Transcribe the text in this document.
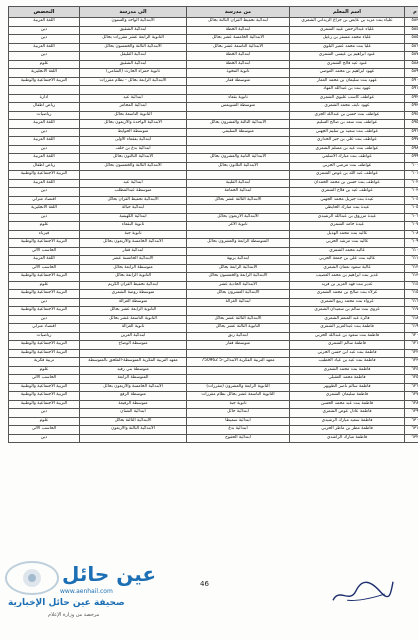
م	اسم المعلم	من مدرسة	الى مدرسة	التخصص
٥٨٣	علياء بنت مزيد بن عايض بن جزاع الزيداني الشمري	ابتدائية تحفيظ القران الثالثة بحائل	الابتدائية الواحد والستون	اللغة العربية
٥٨٤	علياء عبدالرحمن عبيد الشمري	ابتدائية الخطة	ابتدائية الشقيق	دين
٥٨٥	علياء محمد مسفر بن زعيل	الابتدائية الخامسة عشر بحائل	الثانوية الرابعة عشر مقررات بحائل	دين
٥٨٦	عليا بنت محمد عمير البلوي	الابتدائية التاسعة عشر بحائل	الابتدائية الثالثة والخمسون بحائل	اللغة العربية
٥٨٧	عنود ابراهيم بن عيسى الشمري	ابتدائية الخطة	ابتدائية القليقل	دين
٥٨٨	عنود عيد فالح الشمري	ابتدائية الخطة	ابتدائية الشقيق	علوم
٥٨٩	عهود ابراهيم بن محمد العوضي	ثانوية المخوة	ثانوية حمراء الحارث (الشامي)	اللغة الانجليزية
٥٩٠	عهود بنت سليمان بن محمد العمار	متوسطة قفار	الابتدائية الرابعة بحائل - نظام مقررات	التربية الاجتماعية والوطنية
٥٩١	عهود بنت بن عبدالله الفهاد			
٥٩٢	عواطف كاسب عليوي الشمري	ثانوية بقعاء	ابتدائية عيد	ادارة
٥٩٣	عهود نايف محمد الشمري	متوسطة الشويمس	ابتدائية المحامر	رياض اطفال
٥٩٤	عواطف بنت حسن بن عبدالله الجزي		الثانوية التاسعة بحائل	رياضيات
٥٩٥	عواطف بنت سعد بن صالح السليم	الابتدائية الثالثة والعشرون بحائل	الابتدائية الواحدة والأربعون بحائل	اللغة العربية
٥٩٦	عواطف بنت سعيد بن سليم الجهني	متوسطة السليمي	متوسطة الحوايط	دين
٥٩٧	عواطف بنت علي بن جبر الحداري		ابتدائية يفقعاء الأولى	اللغة العربية
٥٩٨	عواطف بنت عيد بن مسلم الشمري		ابتدائية بدع بن خلف	دين
٥٩٩	عواطف بنت مبارك الاسلمي	الابتدائية الثانية والعشرون بحائل	الابتدائية الثالثون بحائل	اللغة العربية
٦٠٠	عواطف بنت مرضي الحربي	الابتدائية الثلاثون بحائل	الابتدائية الثالثة والخمسون بحائل	رياض اطفال
٦٠١	عواطف عبد الله بن عوض الشمري			التربية الاجتماعية والوطنية
٦٠٢	عواطف بنت حسن بن محمد الحمدان	ابتدائية القليبة	ابتدائية عيد	اللغة العربية
٦٠٣	عواطف عيد بن فلاح الشمري	ابتدائية الحمامة	متوسطة عبدالمطلب	دين
٦٠٤	عيدة بنت جبريل محمد الجهني	الابتدائية الثالثة عشر بحائل	الابتدائية تحفيظ القرآن بحائل	اقتصاد منزلي
٦٠٥	عيدة بنت مبارك الحايظي		ابتدائية حبالة	اللغة الانجليزية
٦٠٦	عيدة مرزوق بن عبدالله الرشيدي	الابتدائية الاربعون بحائل	ابتدائية الكهيفية	دين
٦٠٧	عيدة حامد الشمري	ثانوية الأغر	ثانوية البقعاء	علوم
٦٠٨	غاليه بنت محمد الهذيل		ثانوية جبة	فيزياء
٦٠٩	غاليه بنت مرشد الحربي	المتوسطة الرابعة والعشرون بحائل	الابتدائية الخامسة والاربعون بحائل	التربية الاجتماعية والوطنية
٦١٠	غاليه محمد الشمري		ابتدائية قفار	الحاسب الآلي
٦١١	غاليه بنت علي بن جمعة الحربي	ابتدائية بريهة	الابتدائية الخامسة عشر	اللغة العربية
٦١٢	غالية سعود نعمان الشمري	الابتدائية الرابعة بحائل	متوسطة الرابعة بحائل	الحاسب الآلي
٦١٣	غدير بنت ابراهيم بن محمد العصيب	الابتدائية الرابعة والخمسون بحائل	الثانوية الرابعة بحائل	التربية الاجتماعية والوطنية
٦١٤	غدير بنت فهد العزيز بن فريد	الابتدائية الحادية عشر	ابتدائية تحفيظ القرآن الكريم	علوم
٦١٥	غزلاء بنت صالح بن محمد الشمري	الابتدائية العشرون بحائل	متوسطة روضة الشمري	التربية الاجتماعية والوطنية
٦١٦	غزواء بنت محمد ربيع الشمري	ابتدائية الغزالة	متوسطة الغزالة	دين
٦١٧	غزوى بنت سالم بن سعيدان الشمري		الثانوية الرابعة عشر بحائل	التربية الاجتماعية والوطنية
٦١٨	فائزة عبد المنعم الشمري	الابتدائية الثالثة عشر بحائل	الثانوية التاسعة عشر بحائل	دين
٦١٩	فاطمة بنت عبدالعزيز الشمري	الثانوية الثالثة عشر بحائل	ثانوية الغزالة	اقتصاد منزلي
٦٢٠	فاطمة بنت سعود بن عبدالله الحربي	ابتدائية رنق	ابتدائية العرين	رياضيات
٦٢١	فاطمة سالم الشمري	متوسطة قفار	متوسطة الوضاح	التربية الاجتماعية والوطنية
٦٢٢	فاطمة بنت عبد ابن حسن الحربي			التربية الاجتماعية والوطنية
٦٢٣	فاطمة بنت عيد بن عياد الخطيب	معهد التربية الفكرية الابتدائي-5 750962	معهد التربية الفكرية المتوسطة-الملحق بالمتوسطة	تربية فكرية
٦٢٤	فاطمة بنت محمد الشمري		متوسطة بني رفيد	علوم
٦٢٥	فاطمة محمد العقيلي		المتوسطة الرابعة	الحاسب الآلي
٦٢٦	فاطمة سالم ناصر الطويهر	الثانوية الرابعة والعشرون (مقررات)	الابتدائية الخامسة والاربعون بحائل	التربية الاجتماعية والوطنية
٦٢٧	فاطمة سليمان الشمري	الثانوية التاسعة عشر بحائل نظام مقررات	متوسطة الرفع	التربية الاجتماعية والوطنية
٦٢٨	فاطمة بنت عبد محمد الحسن	ثانوية جبة	متوسطة الرفيعة	التربية الاجتماعية والوطنية
٦٢٩	فاطمة عادل عوض الشمري	ابتدائية حائل	ابتدائية الشنان	دين
٦٣٠	فاطمة سعيد مبارك الرشيدي	ابتدائية سميطا	الابتدائية الثالثة بحائل	علوم
٦٣١	فاطمة مطر بن ماطر الحربي	ابتدائية بدع	الابتدائية الثالثة والاربعون	الحاسب الآلي
٦٣٢	فاطمة مبارك الراشدي	ابتدائية الحفوج		دين
46
عين حائل
www.aenhail.com
صحيفة عين حائل الإخبارية
مرخصة من وزارة الإعلام
